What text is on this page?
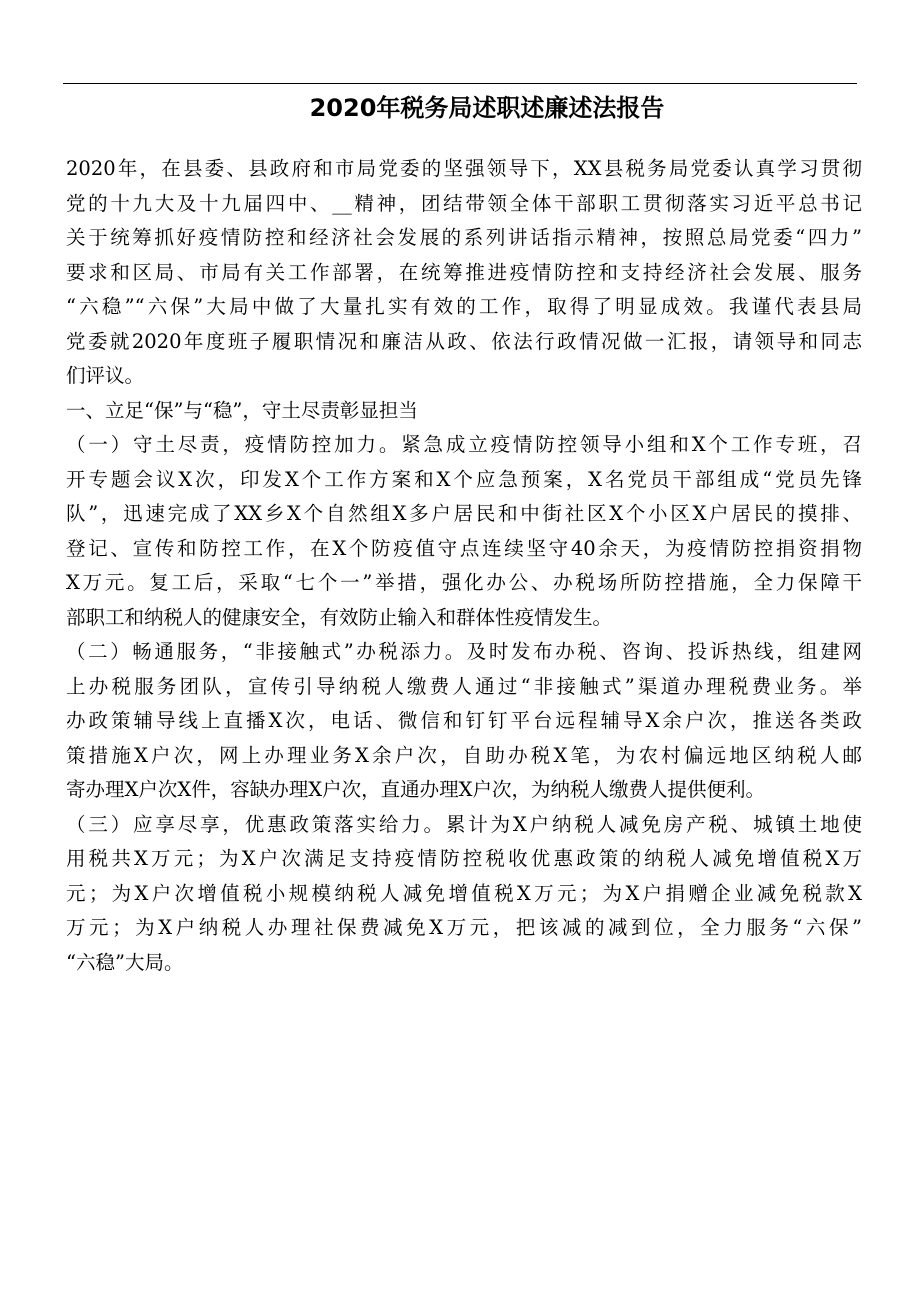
2020年税务局述职述廉述法报告
2020年，在县委、县政府和市局党委的坚强领导下，XX县税务局党委认真学习贯彻
党的十九大及十九届四中、__精神，团结带领全体干部职工贯彻落实习近平总书记
关于统筹抓好疫情防控和经济社会发展的系列讲话指示精神，按照总局党委“四力”
要求和区局、市局有关工作部署，在统筹推进疫情防控和支持经济社会发展、服务
“六稳”“六保”大局中做了大量扎实有效的工作，取得了明显成效。我谨代表县局
党委就2020年度班子履职情况和廉洁从政、依法行政情况做一汇报，请领导和同志
们评议。
一、立足“保”与“稳”，守土尽责彰显担当
（一）守土尽责，疫情防控加力。紧急成立疫情防控领导小组和X个工作专班，召
开专题会议X次，印发X个工作方案和X个应急预案，X名党员干部组成“党员先锋
队”，迅速完成了XX乡X个自然组X多户居民和中街社区X个小区X户居民的摸排、
登记、宣传和防控工作，在X个防疫值守点连续坚守40余天，为疫情防控捐资捐物
X万元。复工后，采取“七个一”举措，强化办公、办税场所防控措施，全力保障干
部职工和纳税人的健康安全，有效防止输入和群体性疫情发生。
（二）畅通服务，“非接触式”办税添力。及时发布办税、咨询、投诉热线，组建网
上办税服务团队，宣传引导纳税人缴费人通过“非接触式”渠道办理税费业务。举
办政策辅导线上直播X次，电话、微信和钉钉平台远程辅导X余户次，推送各类政
策措施X户次，网上办理业务X余户次，自助办税X笔，为农村偏远地区纳税人邮
寄办理X户次X件，容缺办理X户次，直通办理X户次，为纳税人缴费人提供便利。
（三）应享尽享，优惠政策落实给力。累计为X户纳税人减免房产税、城镇土地使
用税共X万元；为X户次满足支持疫情防控税收优惠政策的纳税人减免增值税X万
元；为X户次增值税小规模纳税人减免增值税X万元；为X户捐赠企业减免税款X
万元；为X户纳税人办理社保费减免X万元，把该减的减到位，全力服务“六保”
“六稳”大局。
